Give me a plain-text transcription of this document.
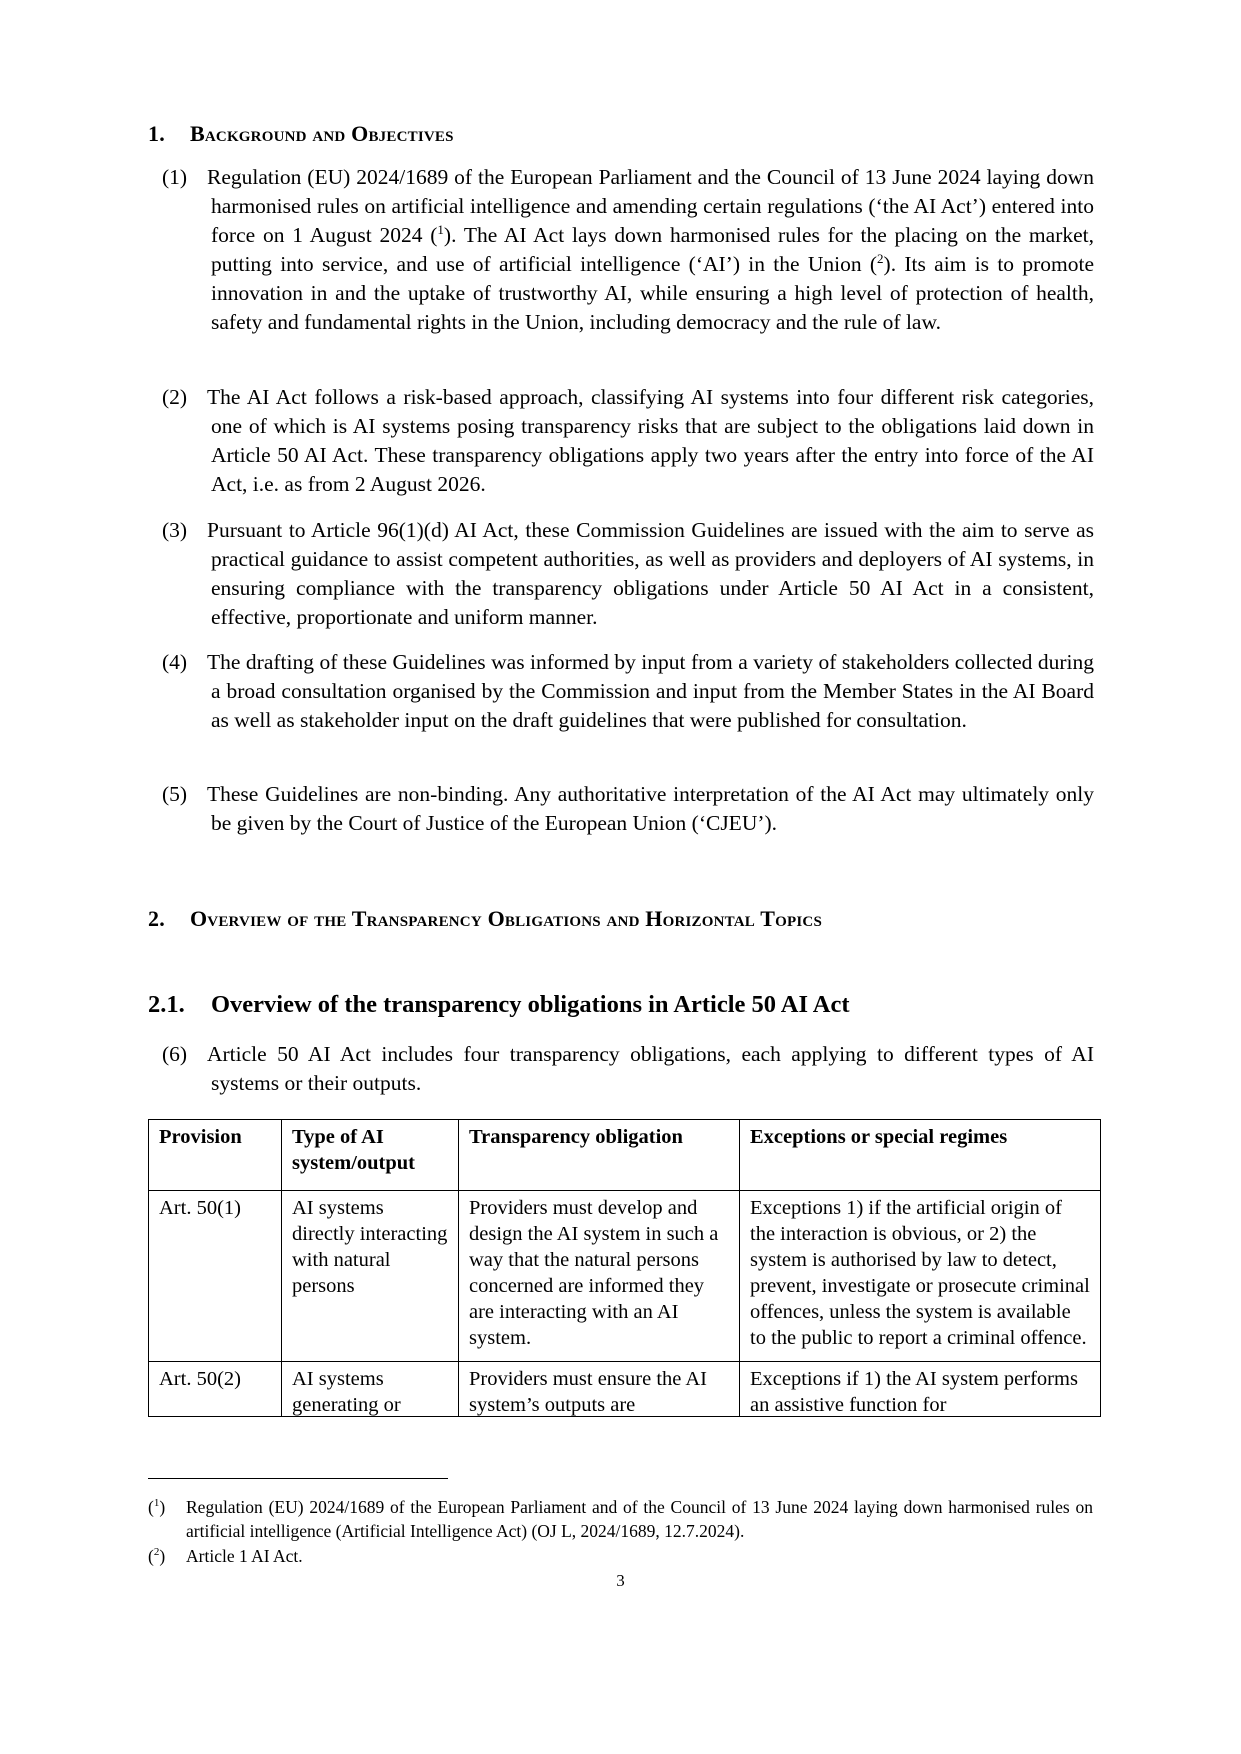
1. Background and Objectives
(1) Regulation (EU) 2024/1689 of the European Parliament and the Council of 13 June 2024 laying down harmonised rules on artificial intelligence and amending certain regulations (‘the AI Act’) entered into force on 1 August 2024 ($^1$). The AI Act lays down harmonised rules for the placing on the market, putting into service, and use of artificial intelligence (‘AI’) in the Union ($^2$). Its aim is to promote innovation in and the uptake of trustworthy AI, while ensuring a high level of protection of health, safety and fundamental rights in the Union, including democracy and the rule of law.
(2) The AI Act follows a risk-based approach, classifying AI systems into four different risk categories, one of which is AI systems posing transparency risks that are subject to the obligations laid down in Article 50 AI Act. These transparency obligations apply two years after the entry into force of the AI Act, i.e. as from 2 August 2026.
(3) Pursuant to Article 96(1)(d) AI Act, these Commission Guidelines are issued with the aim to serve as practical guidance to assist competent authorities, as well as providers and deployers of AI systems, in ensuring compliance with the transparency obligations under Article 50 AI Act in a consistent, effective, proportionate and uniform manner.
(4) The drafting of these Guidelines was informed by input from a variety of stakeholders collected during a broad consultation organised by the Commission and input from the Member States in the AI Board as well as stakeholder input on the draft guidelines that were published for consultation.
(5) These Guidelines are non-binding. Any authoritative interpretation of the AI Act may ultimately only be given by the Court of Justice of the European Union (‘CJEU’).
2. Overview of the Transparency Obligations and Horizontal Topics
2.1. Overview of the transparency obligations in Article 50 AI Act
(6) Article 50 AI Act includes four transparency obligations, each applying to different types of AI systems or their outputs.
Provision	Type of AI system/output	Transparency obligation	Exceptions or special regimes
Art. 50(1)	AI systems directly interacting with natural persons	Providers must develop and design the AI system in such a way that the natural persons concerned are informed they are interacting with an AI system.	Exceptions 1) if the artificial origin of the interaction is obvious, or 2) the system is authorised by law to detect, prevent, investigate or prosecute criminal offences, unless the system is available to the public to report a criminal offence.

Art. 50(2)	AI systems generating or	Providers must ensure the AI system’s outputs are	Exceptions if 1) the AI system performs an assistive function for
($^1$) Regulation (EU) 2024/1689 of the European Parliament and of the Council of 13 June 2024 laying down harmonised rules on artificial intelligence (Artificial Intelligence Act) (OJ L, 2024/1689, 12.7.2024).
($^2$) Article 1 AI Act.
3
